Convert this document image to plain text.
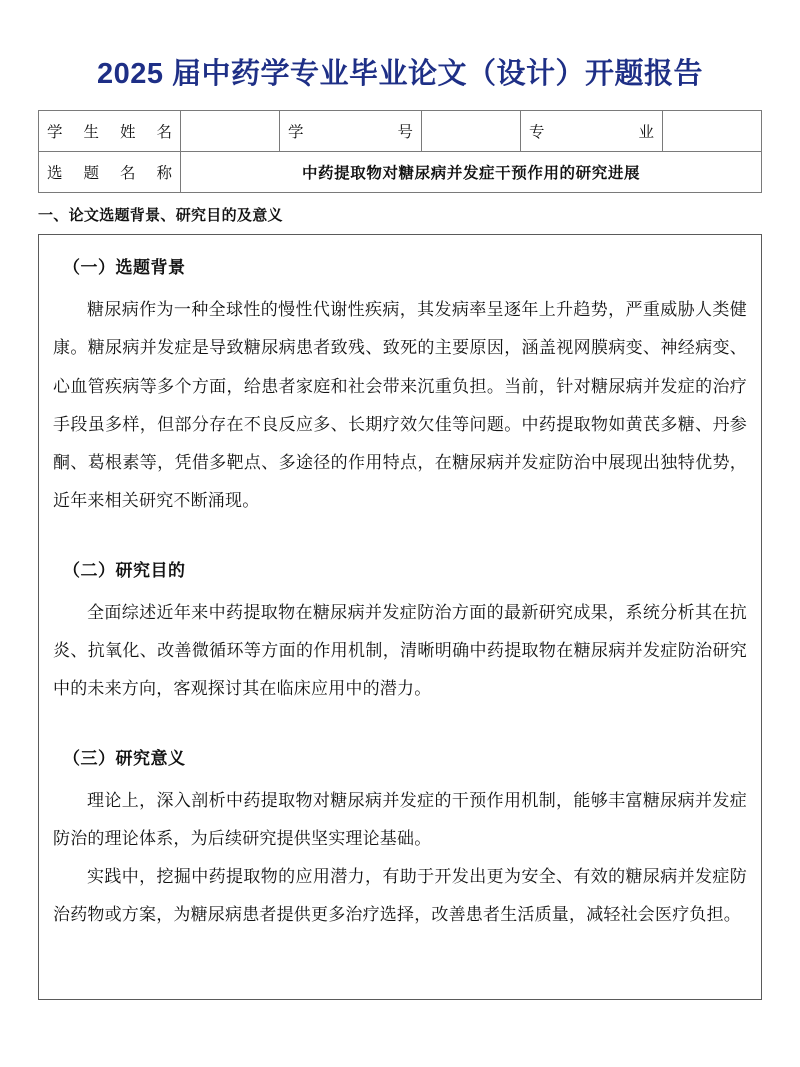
2025 届中药学专业毕业论文（设计）开题报告
学生姓名		学号		专业	

选题名称	中药提取物对糖尿病并发症干预作用的研究进展				
一、论文选题背景、研究目的及意义
（一）选题背景

糖尿病作为一种全球性的慢性代谢性疾病，其发病率呈逐年上升趋势，严重威胁人类健康。糖尿病并发症是导致糖尿病患者致残、致死的主要原因，涵盖视网膜病变、神经病变、心血管疾病等多个方面，给患者家庭和社会带来沉重负担。当前，针对糖尿病并发症的治疗手段虽多样，但部分存在不良反应多、长期疗效欠佳等问题。中药提取物如黄芪多糖、丹参酮、葛根素等，凭借多靶点、多途径的作用特点，在糖尿病并发症防治中展现出独特优势，近年来相关研究不断涌现。

（二）研究目的

全面综述近年来中药提取物在糖尿病并发症防治方面的最新研究成果，系统分析其在抗炎、抗氧化、改善微循环等方面的作用机制，清晰明确中药提取物在糖尿病并发症防治研究中的未来方向，客观探讨其在临床应用中的潜力。

（三）研究意义

理论上，深入剖析中药提取物对糖尿病并发症的干预作用机制，能够丰富糖尿病并发症防治的理论体系，为后续研究提供坚实理论基础。

实践中，挖掘中药提取物的应用潜力，有助于开发出更为安全、有效的糖尿病并发症防治药物或方案，为糖尿病患者提供更多治疗选择，改善患者生活质量，减轻社会医疗负担。
